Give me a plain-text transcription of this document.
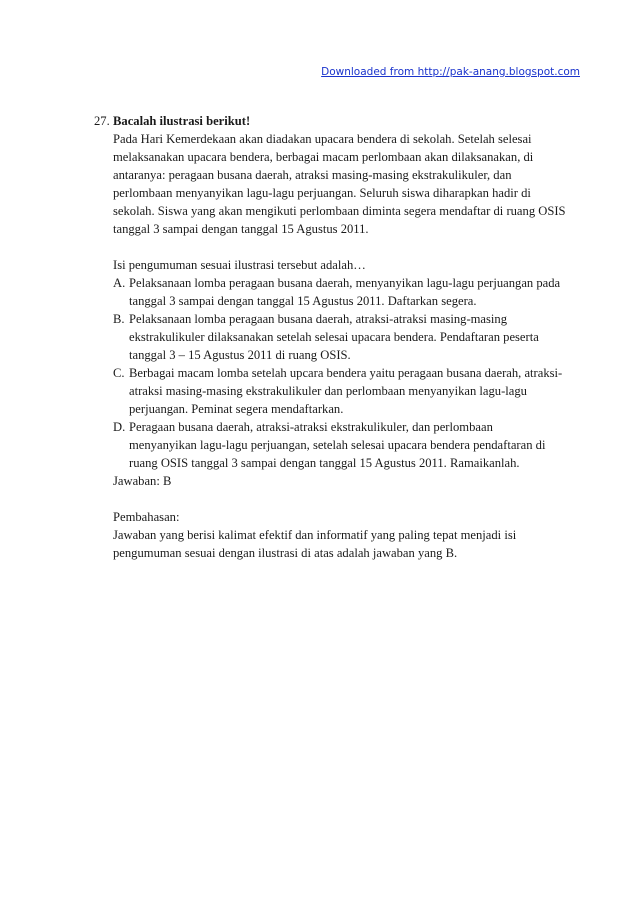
Downloaded from http://pak-anang.blogspot.com
27. Bacalah ilustrasi berikut!
Pada Hari Kemerdekaan akan diadakan upacara bendera di sekolah. Setelah selesai
melaksanakan upacara bendera, berbagai macam perlombaan akan dilaksanakan, di
antaranya: peragaan busana daerah, atraksi masing-masing ekstrakulikuler, dan
perlombaan menyanyikan lagu-lagu perjuangan. Seluruh siswa diharapkan hadir di
sekolah. Siswa yang akan mengikuti perlombaan diminta segera mendaftar di ruang OSIS
tanggal 3 sampai dengan tanggal 15 Agustus 2011.
Isi pengumuman sesuai ilustrasi tersebut adalah…
A. Pelaksanaan lomba peragaan busana daerah, menyanyikan lagu-lagu perjuangan pada
tanggal 3 sampai dengan tanggal 15 Agustus 2011. Daftarkan segera.
B. Pelaksanaan lomba peragaan busana daerah, atraksi-atraksi masing-masing
ekstrakulikuler dilaksanakan setelah selesai upacara bendera. Pendaftaran peserta
tanggal 3 – 15 Agustus 2011 di ruang OSIS.
C. Berbagai macam lomba setelah upcara bendera yaitu peragaan busana daerah, atraksi-
atraksi masing-masing ekstrakulikuler dan perlombaan menyanyikan lagu-lagu
perjuangan. Peminat segera mendaftarkan.
D. Peragaan busana daerah, atraksi-atraksi ekstrakulikuler, dan perlombaan
menyanyikan lagu-lagu perjuangan, setelah selesai upacara bendera pendaftaran di
ruang OSIS tanggal 3 sampai dengan tanggal 15 Agustus 2011. Ramaikanlah.
Jawaban: B
Pembahasan:
Jawaban yang berisi kalimat efektif dan informatif yang paling tepat menjadi isi
pengumuman sesuai dengan ilustrasi di atas adalah jawaban yang B.
